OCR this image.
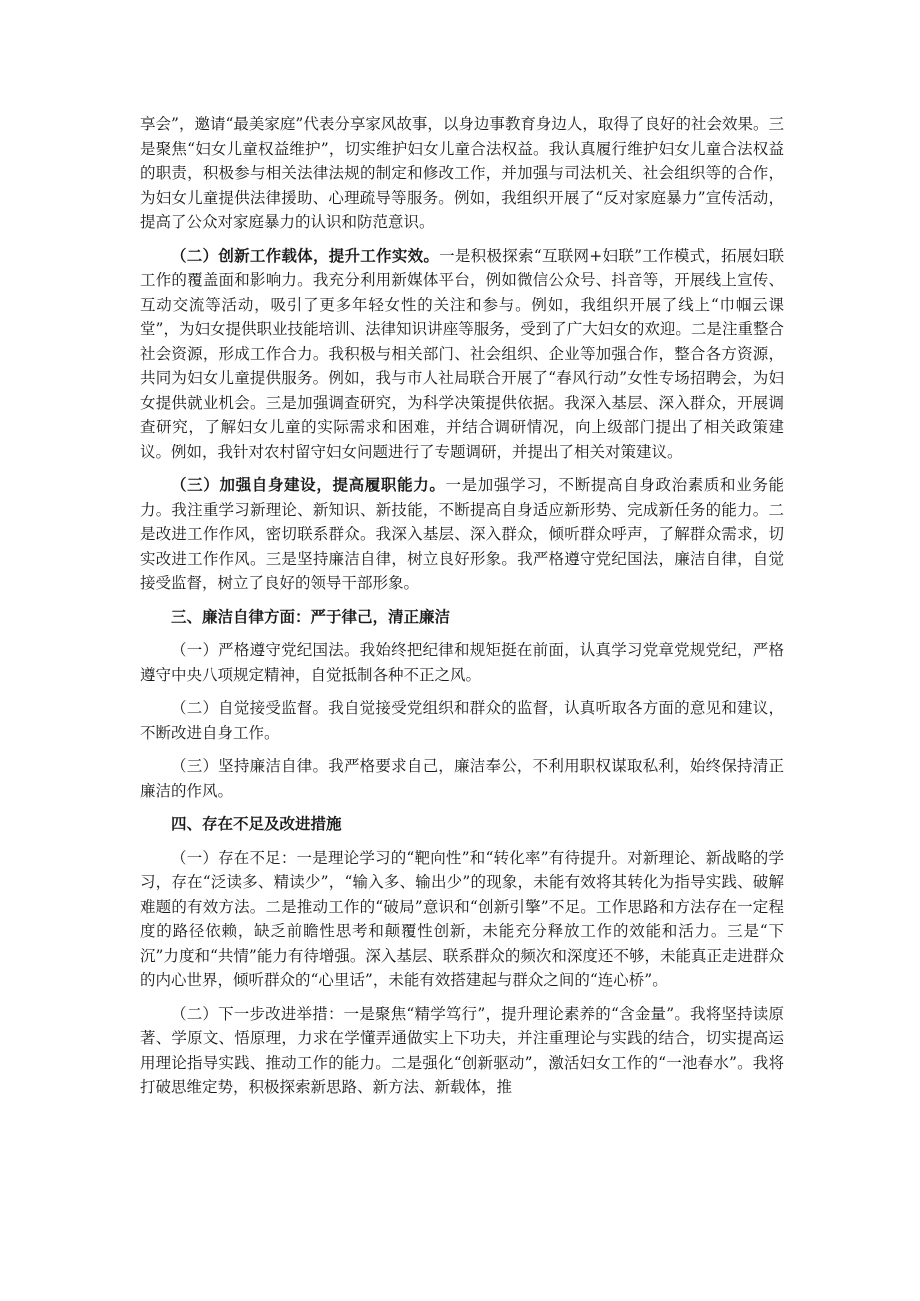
享会”，邀请“最美家庭”代表分享家风故事，以身边事教育身边人，取得了良好的社会效果。三是聚焦“妇女儿童权益维护”，切实维护妇女儿童合法权益。我认真履行维护妇女儿童合法权益的职责，积极参与相关法律法规的制定和修改工作，并加强与司法机关、社会组织等的合作，为妇女儿童提供法律援助、心理疏导等服务。例如，我组织开展了“反对家庭暴力”宣传活动，提高了公众对家庭暴力的认识和防范意识。

（二）创新工作载体，提升工作实效。一是积极探索“互联网+妇联”工作模式，拓展妇联工作的覆盖面和影响力。我充分利用新媒体平台，例如微信公众号、抖音等，开展线上宣传、互动交流等活动，吸引了更多年轻女性的关注和参与。例如，我组织开展了线上“巾帼云课堂”，为妇女提供职业技能培训、法律知识讲座等服务，受到了广大妇女的欢迎。二是注重整合社会资源，形成工作合力。我积极与相关部门、社会组织、企业等加强合作，整合各方资源，共同为妇女儿童提供服务。例如，我与市人社局联合开展了“春风行动”女性专场招聘会，为妇女提供就业机会。三是加强调查研究，为科学决策提供依据。我深入基层、深入群众，开展调查研究，了解妇女儿童的实际需求和困难，并结合调研情况，向上级部门提出了相关政策建议。例如，我针对农村留守妇女问题进行了专题调研，并提出了相关对策建议。

（三）加强自身建设，提高履职能力。一是加强学习，不断提高自身政治素质和业务能力。我注重学习新理论、新知识、新技能，不断提高自身适应新形势、完成新任务的能力。二是改进工作作风，密切联系群众。我深入基层、深入群众，倾听群众呼声，了解群众需求，切实改进工作作风。三是坚持廉洁自律，树立良好形象。我严格遵守党纪国法，廉洁自律，自觉接受监督，树立了良好的领导干部形象。

三、廉洁自律方面：严于律己，清正廉洁

（一）严格遵守党纪国法。我始终把纪律和规矩挺在前面，认真学习党章党规党纪，严格遵守中央八项规定精神，自觉抵制各种不正之风。

（二）自觉接受监督。我自觉接受党组织和群众的监督，认真听取各方面的意见和建议，不断改进自身工作。

（三）坚持廉洁自律。我严格要求自己，廉洁奉公，不利用职权谋取私利，始终保持清正廉洁的作风。

四、存在不足及改进措施

（一）存在不足：一是理论学习的“靶向性”和“转化率”有待提升。对新理论、新战略的学习，存在“泛读多、精读少”，“输入多、输出少”的现象，未能有效将其转化为指导实践、破解难题的有效方法。二是推动工作的“破局”意识和“创新引擎”不足。工作思路和方法存在一定程度的路径依赖，缺乏前瞻性思考和颠覆性创新，未能充分释放工作的效能和活力。三是“下沉”力度和“共情”能力有待增强。深入基层、联系群众的频次和深度还不够，未能真正走进群众的内心世界，倾听群众的“心里话”，未能有效搭建起与群众之间的“连心桥”。

（二）下一步改进举措：一是聚焦“精学笃行”，提升理论素养的“含金量”。我将坚持读原著、学原文、悟原理，力求在学懂弄通做实上下功夫，并注重理论与实践的结合，切实提高运用理论指导实践、推动工作的能力。二是强化“创新驱动”，激活妇女工作的“一池春水”。我将打破思维定势，积极探索新思路、新方法、新载体，推
